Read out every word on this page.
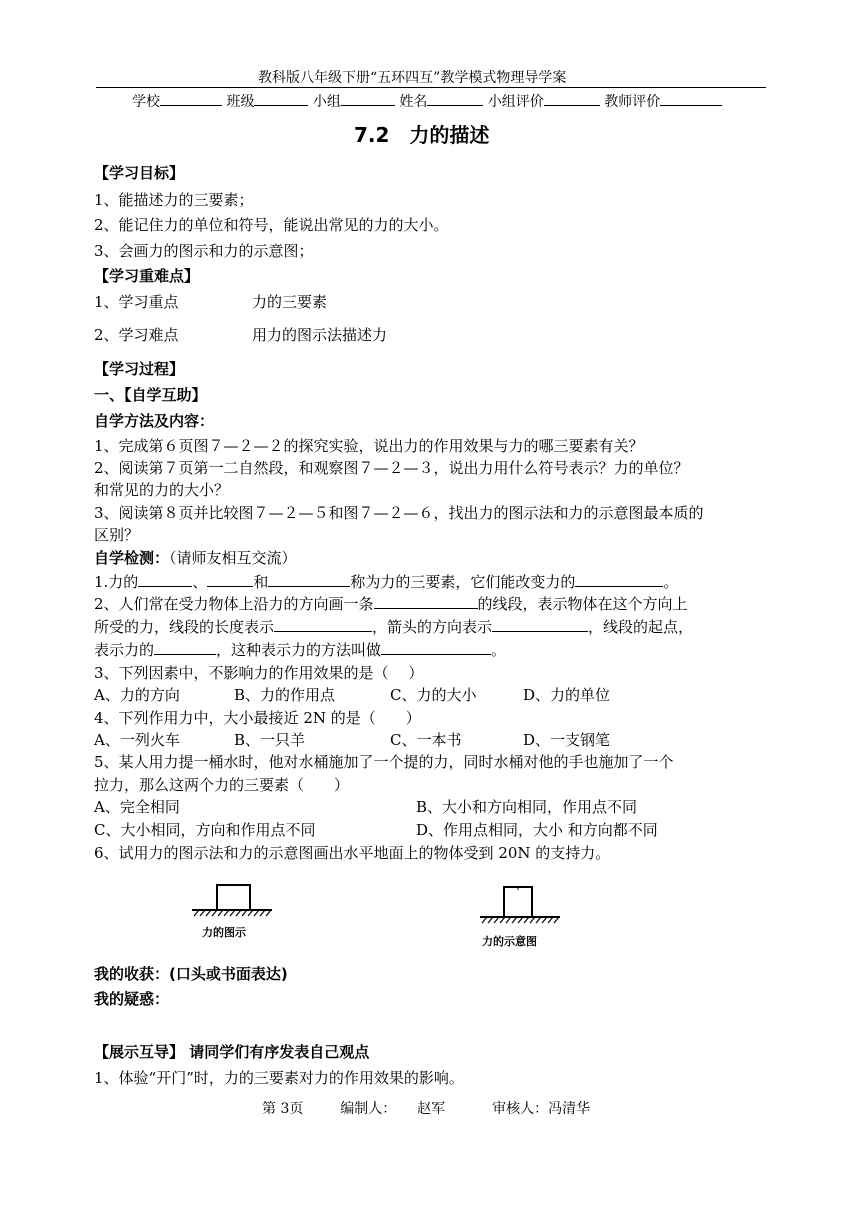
教科版八年级下册“五环四互”教学模式物理导学案
学校	班级	小组	姓名	小组评价	教师评价
7.2　力的描述
【学习目标】
1、能描述力的三要素；
2、能记住力的单位和符号，能说出常见的力的大小。
3、会画力的图示和力的示意图；
【学习重难点】
1、学习重点	力的三要素
2、学习难点	用力的图示法描述力
【学习过程】
一、【自学互助】
自学方法及内容：
1、完成第６页图７—２—２的探究实验，说出力的作用效果与力的哪三要素有关？
2、阅读第７页第一二自然段，和观察图７—２—３，说出力用什么符号表示？力的单位？
和常见的力的大小？
3、阅读第８页并比较图７—２—５和图７—２—６，找出力的图示法和力的示意图最本质的
区别？
自学检测：（请师友相互交流）
1.力的	、	和	称为力的三要素，它们能改变力的	。
2、人们常在受力物体上沿力的方向画一条	的线段，表示物体在这个方向上
所受的力，线段的长度表示	，箭头的方向表示	，线段的起点，
表示力的	，这种表示力的方法叫做	。
3、下列因素中，不影响力的作用效果的是（　 ）
A、力的方向	B、力的作用点	C、力的大小	D、力的单位
4、下列作用力中，大小最接近 2N 的是（　　）
A、一列火车	B、一只羊	C、一本书	D、一支钢笔
5、某人用力提一桶水时，他对水桶施加了一个提的力，同时水桶对他的手也施加了一个
拉力，那么这两个力的三要素（　　）
A、完全相同	B、大小和方向相同，作用点不同
C、大小相同，方向和作用点不同	D、作用点相同，大小 和方向都不同
6、试用力的图示法和力的示意图画出水平地面上的物体受到 20N 的支持力。
力的图示
力的示意图
我的收获：(口头或书面表达)
我的疑惑：
【展示互导】 请同学们有序发表自己观点
1、体验“开门”时，力的三要素对力的作用效果的影响。
第 3页	编制人： 赵军	审核人：冯清华
